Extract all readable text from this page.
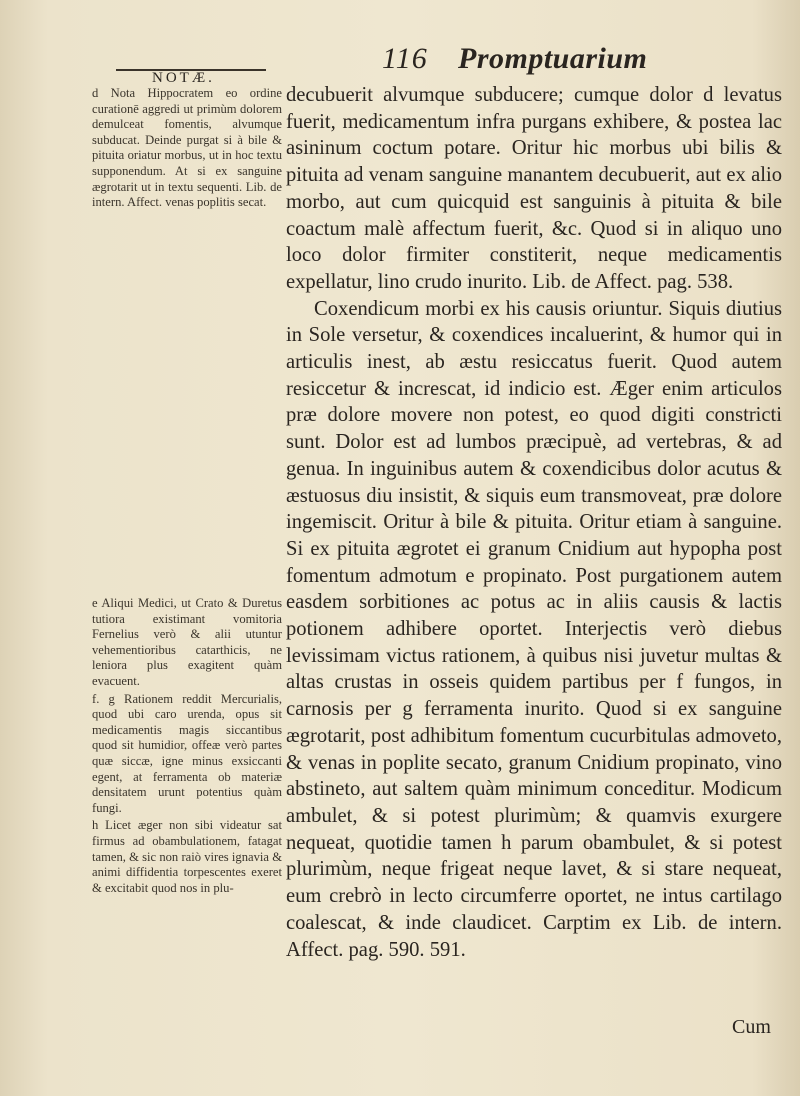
116 Promptuarium
NOTÆ.

d Nota Hippocratem eo ordine curationē aggredi ut primùm dolorem demulceat fomentis, alvumque subducat. Deinde purgat si à bile & pituita oriatur morbus, ut in hoc textu supponendum. At si ex sanguine ægrotarit ut in textu sequenti. Lib. de intern. Affect. venas poplitis secat.

e Aliqui Medici, ut Crato & Duretus tutiora existimant vomitoria Fernelius verò & alii utuntur vehementioribus catarthicis, ne leniora plus exagitent quàm evacuent.

f. g Rationem reddit Mercurialis, quod ubi caro urenda, opus sit medicamentis magis siccantibus quod sit humidior, offeæ verò partes quæ siccæ, igne minus exsiccanti egent, at ferramenta ob materiæ densitatem urunt potentius quàm fungi.

h Licet æger non sibi videatur sat firmus ad obambulationem, fatagat tamen, & sic non raiò vires ignavia & animi diffidentia torpescentes exeret & excitabit quod nos in plu-

decubuerit alvumque subducere; cumque dolor d levatus fuerit, medicamentum infra purgans exhibere, & postea lac asininum coctum potare. Oritur hic morbus ubi bilis & pituita ad venam sanguine manantem decubuerit, aut ex alio morbo, aut cum quicquid est sanguinis à pituita & bile coactum malè affectum fuerit, &c. Quod si in aliquo uno loco dolor firmiter constiterit, neque medicamentis expellatur, lino crudo inurito. Lib. de Affect. pag. 538.

Coxendicum morbi ex his causis oriuntur. Siquis diutius in Sole versetur, & coxendices incaluerint, & humor qui in articulis inest, ab æstu resiccatus fuerit. Quod autem resiccetur & increscat, id indicio est. Æger enim articulos præ dolore movere non potest, eo quod digiti constricti sunt. Dolor est ad lumbos præcipuè, ad vertebras, & ad genua. In inguinibus autem & coxendicibus dolor acutus & æstuosus diu insistit, & siquis eum transmoveat, præ dolore ingemiscit. Oritur à bile & pituita. Oritur etiam à sanguine. Si ex pituita ægrotet ei granum Cnidium aut hypopha post fomentum admotum e propinato. Post purgationem autem easdem sorbitiones ac potus ac in aliis causis & lactis potionem adhibere oportet. Interjectis verò diebus levissimam victus rationem, à quibus nisi juvetur multas & altas crustas in osseis quidem partibus per f fungos, in carnosis per g ferramenta inurito. Quod si ex sanguine ægrotarit, post adhibitum fomentum cucurbitulas admoveto, & venas in poplite secato, granum Cnidium propinato, vino abstineto, aut saltem quàm minimum conceditur. Modicum ambulet, & si potest plurimùm; & quamvis exurgere nequeat, quotidie tamen h parum obambulet, & si potest plurimùm, neque frigeat neque lavet, & si stare nequeat, eum crebrò in lecto circumferre oportet, ne intus cartilago coalescat, & inde claudicet. Carptim ex Lib. de intern. Affect. pag. 590. 591.

Cum
